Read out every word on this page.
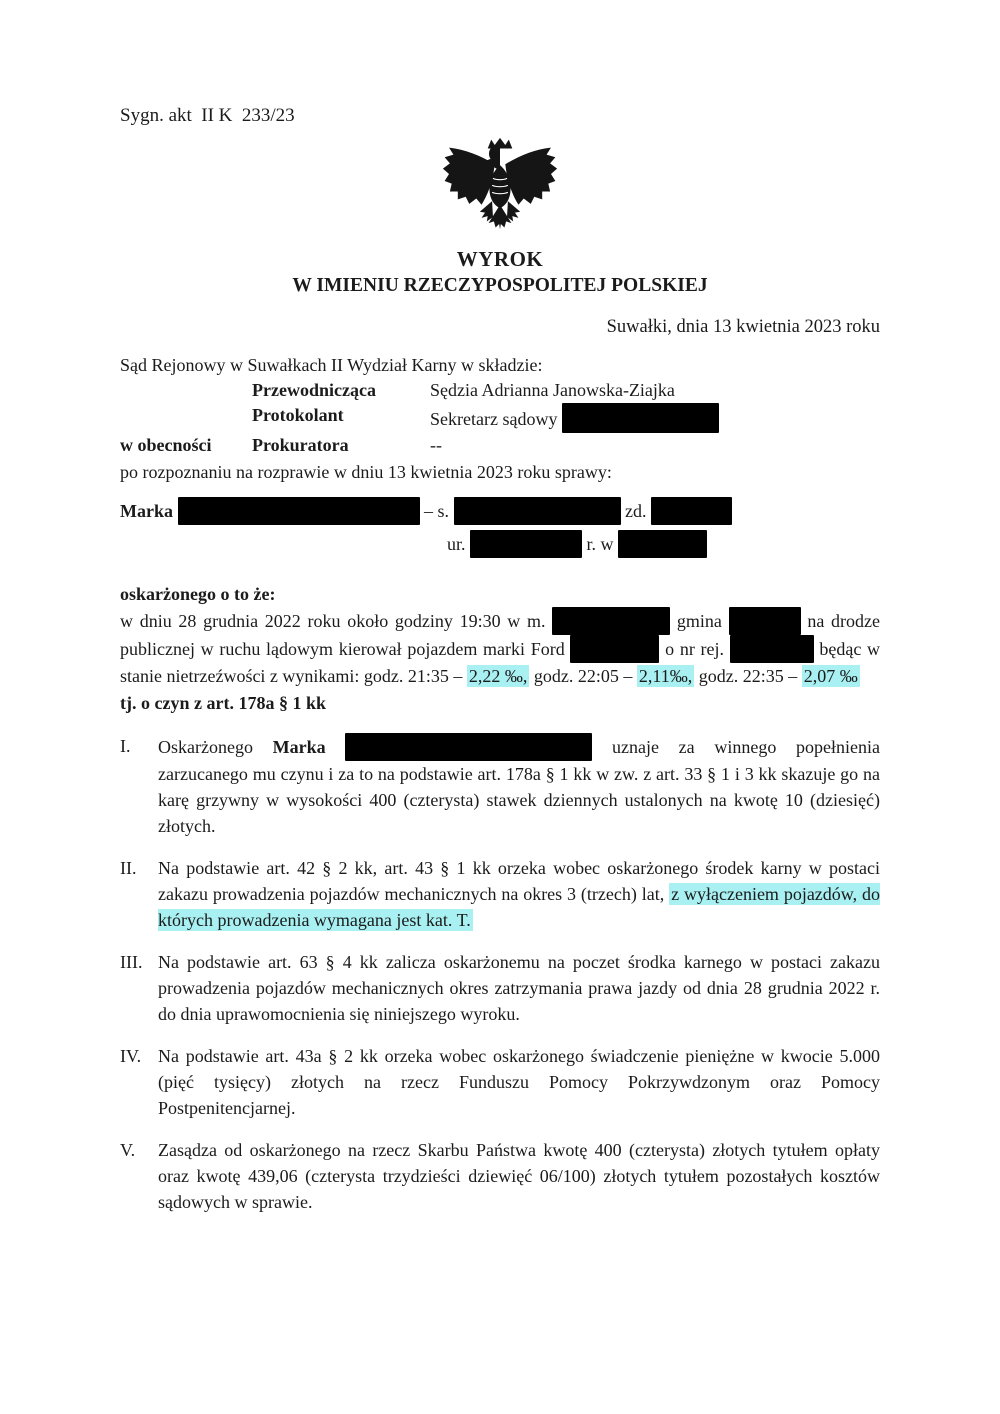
Sygn. akt  II K  233/23
WYROK
W IMIENIU RZECZYPOSPOLITEJ POLSKIEJ
Suwałki, dnia 13 kwietnia 2023 roku
Sąd Rejonowy w Suwałkach II Wydział Karny w składzie:
Przewodnicząca	Sędzia Adrianna Janowska-Ziajka
Protokolant	Sekretarz sądowy
w obecności	Prokuratora	--
po rozpoznaniu na rozprawie w dniu 13 kwietnia 2023 roku sprawy:
Marka	– s.	zd.
ur.	r. w
oskarżonego o to że:

w dniu 28 grudnia 2022 roku około godziny 19:30 w m.	gmina	na drodze publicznej w ruchu lądowym kierował pojazdem marki Ford	o nr rej.	będąc w stanie nietrzeźwości z wynikami: godz. 21:35 – 2,22 ‰, godz. 22:05 – 2,11‰, godz. 22:35 – 2,07 ‰

tj. o czyn z art. 178a § 1 kk
I.	Oskarżonego Marka	uznaje za winnego popełnienia zarzucanego mu czynu i za to na podstawie art. 178a § 1 kk w zw. z art. 33 § 1 i 3 kk skazuje go na karę grzywny w wysokości 400 (czterysta) stawek dziennych ustalonych na kwotę 10 (dziesięć) złotych.
II.	Na podstawie art. 42 § 2 kk, art. 43 § 1 kk orzeka wobec oskarżonego środek karny w postaci zakazu prowadzenia pojazdów mechanicznych na okres 3 (trzech) lat, z wyłączeniem pojazdów, do których prowadzenia wymagana jest kat. T.
III. Na podstawie art. 63 § 4 kk zalicza oskarżonemu na poczet środka karnego w postaci zakazu prowadzenia pojazdów mechanicznych okres zatrzymania prawa jazdy od dnia 28 grudnia 2022 r. do dnia uprawomocnienia się niniejszego wyroku.
IV. Na podstawie art. 43a § 2 kk orzeka wobec oskarżonego świadczenie pieniężne w kwocie 5.000 (pięć tysięcy) złotych na rzecz Funduszu Pomocy Pokrzywdzonym oraz Pomocy Postpenitencjarnej.
V.	Zasądza od oskarżonego na rzecz Skarbu Państwa kwotę 400 (czterysta) złotych tytułem opłaty oraz kwotę 439,06 (czterysta trzydzieści dziewięć 06/100) złotych tytułem pozostałych kosztów sądowych w sprawie.
